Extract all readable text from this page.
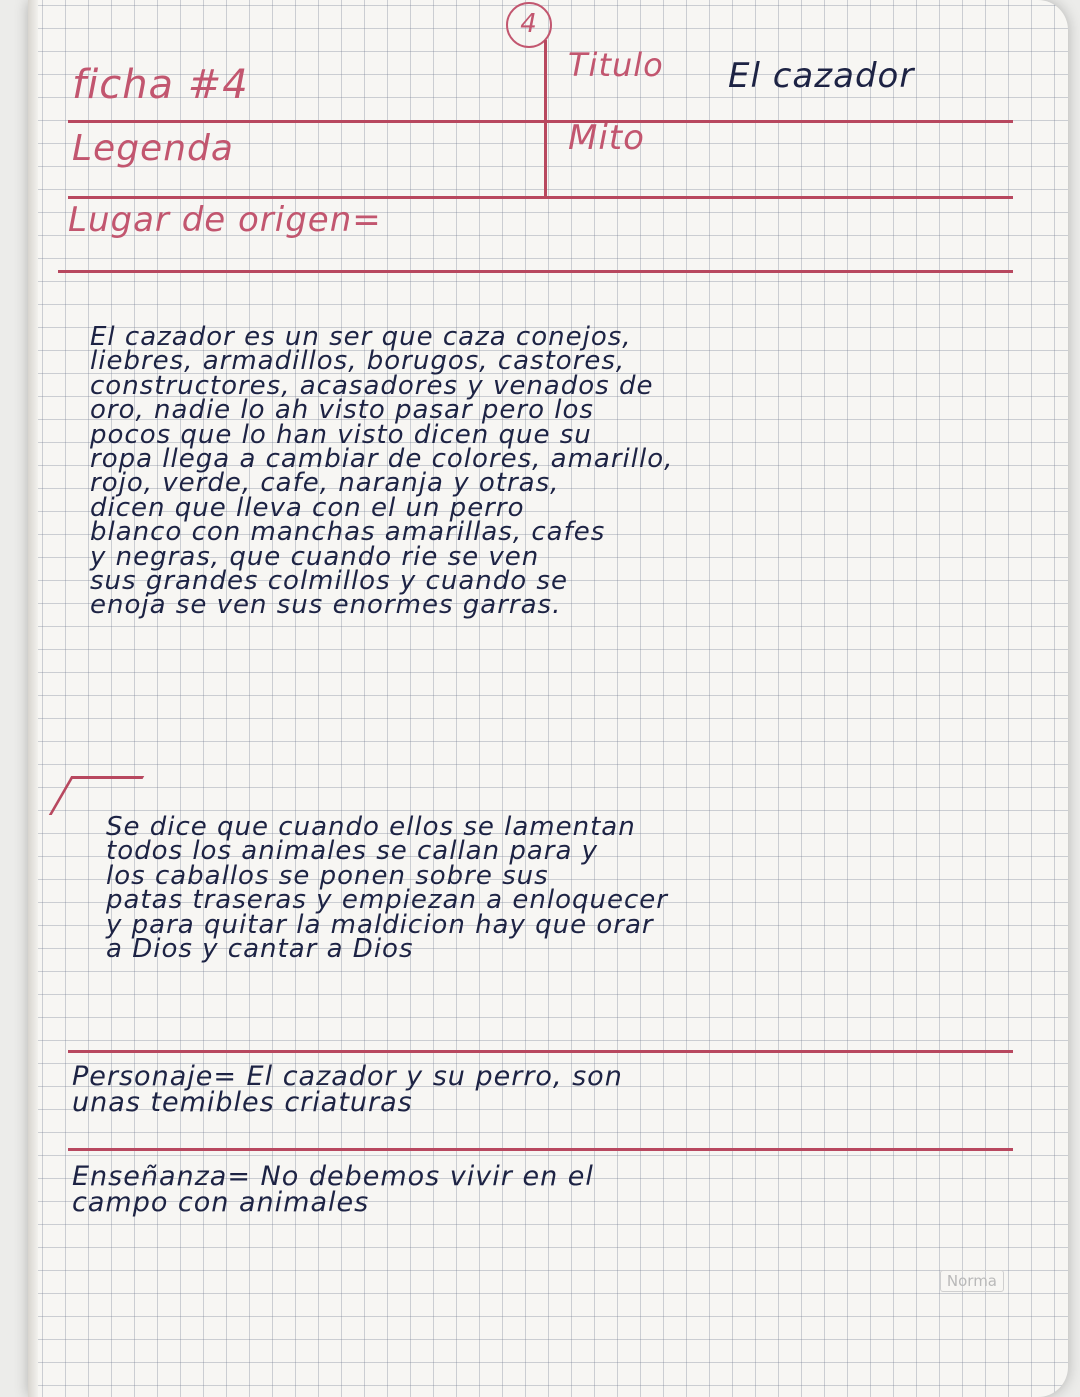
4
ficha #4	Titulo El cazador
Legenda	Mito
Lugar de origen=
El cazador es un ser que caza conejos,
liebres, armadillos, borugos, castores,
constructores, acasadores y venados de
oro, nadie lo ah visto pasar pero los
pocos que lo han visto dicen que su
ropa llega a cambiar de colores, amarillo,
rojo, verde, cafe, naranja y otras,
dicen que lleva con el un perro
blanco con manchas amarillas, cafes
y negras, que cuando rie se ven
sus grandes colmillos y cuando se
enoja se ven sus enormes garras.
Se dice que cuando ellos se lamentan
todos los animales se callan para y
los caballos se ponen sobre sus
patas traseras y empiezan a enloquecer
y para quitar la maldicion hay que orar
a Dios y cantar a Dios
Personaje= El cazador y su perro, son
unas temibles criaturas
Enseñanza= No debemos vivir en el
campo con animales
Norma
